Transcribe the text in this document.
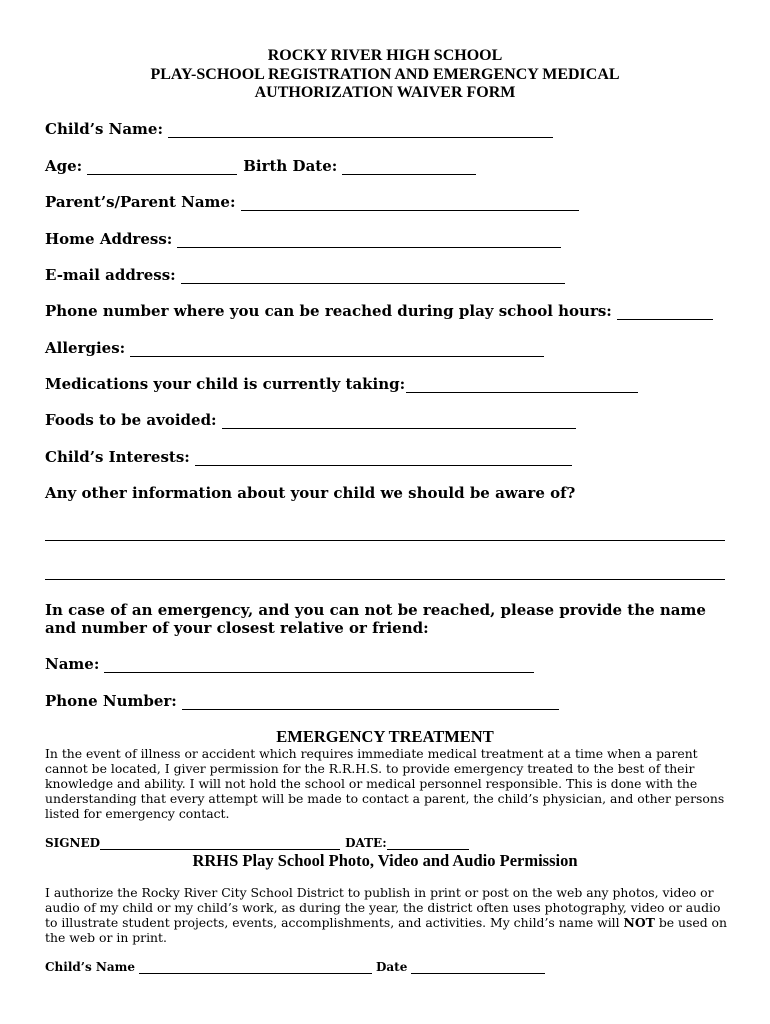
ROCKY RIVER HIGH SCHOOL
PLAY-SCHOOL REGISTRATION AND EMERGENCY MEDICAL
AUTHORIZATION WAIVER FORM
Child’s Name:
Age:	Birth Date:
Parent’s/Parent Name:
Home Address:
E-mail address:
Phone number where you can be reached during play school hours:
Allergies:
Medications your child is currently taking:
Foods to be avoided:
Child’s Interests:
Any other information about your child we should be aware of?
In case of an emergency, and you can not be reached, please provide the name and number of your closest relative or friend:
Name:
Phone Number:
EMERGENCY TREATMENT
In the event of illness or accident which requires immediate medical treatment at a time when a parent cannot be located, I giver permission for the R.R.H.S. to provide emergency treated to the best of their knowledge and ability. I will not hold the school or medical personnel responsible. This is done with the understanding that every attempt will be made to contact a parent, the child’s physician, and other persons listed for emergency contact.
SIGNED	DATE:
RRHS Play School Photo, Video and Audio Permission
I authorize the Rocky River City School District to publish in print or post on the web any photos, video or audio of my child or my child’s work, as during the year, the district often uses photography, video or audio to illustrate student projects, events, accomplishments, and activities. My child’s name will NOT be used on the web or in print.
Child’s Name	Date
